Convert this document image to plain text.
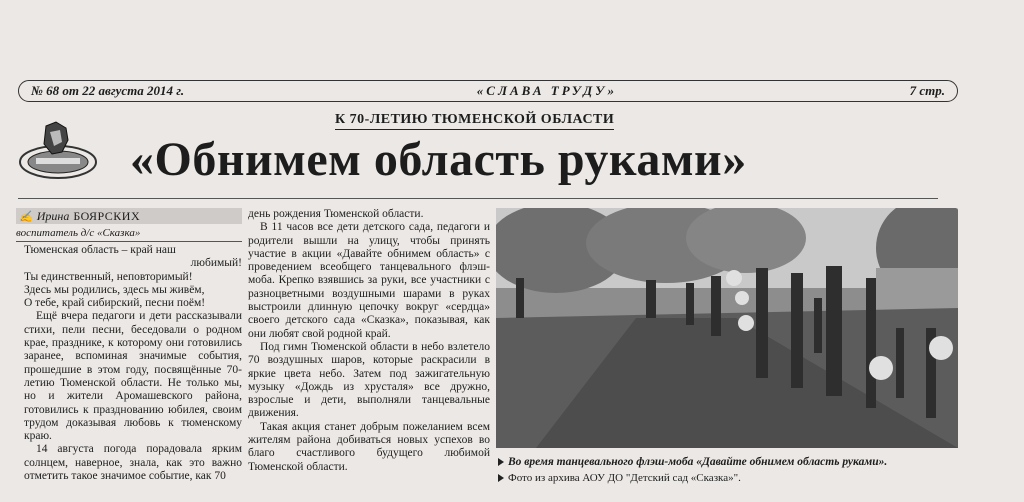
№ 68 от 22 августа 2014 г.	«СЛАВА ТРУДУ»	7 стр.
К 70-ЛЕТИЮ ТЮМЕНСКОЙ ОБЛАСТИ
«Обнимем область руками»
✍ Ирина БОЯРСКИХ
воспитатель д/с «Сказка»

Тюменская область – край наш

любимый!

Ты единственный, неповторимый!

Здесь мы родились, здесь мы живём,

О тебе, край сибирский, песни поём!

Ещё вчера педагоги и дети рассказывали стихи, пели песни, беседовали о родном крае, празднике, к которому они готовились заранее, вспоминая значимые события, прошедшие в этом году, посвящённые 70-летию Тюменской области. Не только мы, но и жители Аромашевского района, готовились к празднованию юбилея, своим трудом доказывая любовь к тюменскому краю.

14 августа погода порадовала ярким солнцем, наверное, знала, как это важно отметить такое значимое событие, как 70

день рождения Тюменской области.

В 11 часов все дети детского сада, педагоги и родители вышли на улицу, чтобы принять участие в акции «Давайте обнимем область» с проведением всеобщего танцевального флэш-моба. Крепко взявшись за руки, все участники с разноцветными воздушными шарами в руках выстроили длинную цепочку вокруг «сердца» своего детского сада «Сказка», показывая, как они любят свой родной край.

Под гимн Тюменской области в небо взлетело 70 воздушных шаров, которые раскрасили в яркие цвета небо. Затем под зажигательную музыку «Дождь из хрусталя» все дружно, взрослые и дети, выполняли танцевальные движения.

Такая акция станет добрым пожеланием всем жителям района добиваться новых успехов во благо счастливого будущего любимой Тюменской области.	Во время танцевального флэш-моба «Давайте обнимем область руками».
Фото из архива АОУ ДО "Детский сад «Сказка»".
